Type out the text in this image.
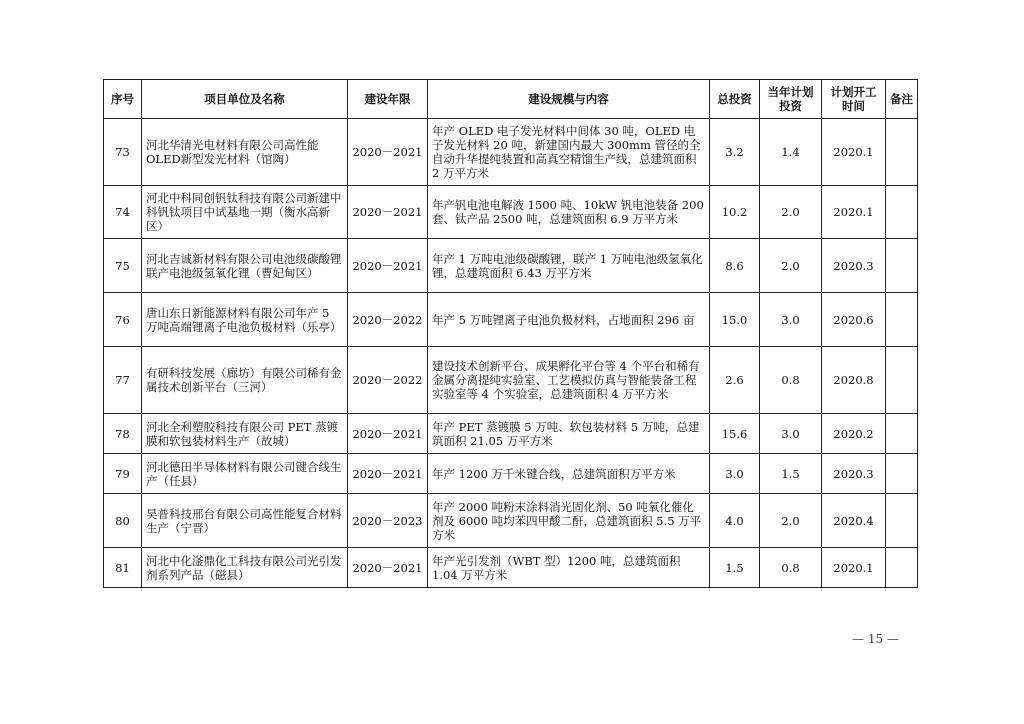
序号	项目单位及名称	建设年限	建设规模与内容	总投资	当年计划投资	计划开工时间	备注
73	河北华清光电材料有限公司高性能OLED新型发光材料（馆陶）	2020－2021	年产 OLED 电子发光材料中间体 30 吨，OLED 电子发光材料 20 吨，新建国内最大 300mm 管径的全自动升华提纯装置和高真空精馏生产线，总建筑面积 2 万平方米	3.2	1.4	2020.1	
74	河北中科同创钒钛科技有限公司新建中科钒钛项目中试基地一期（衡水高新区）	2020－2021	年产钒电池电解液 1500 吨、10kW 钒电池装备 200 套、钛产品 2500 吨，总建筑面积 6.9 万平方米	10.2	2.0	2020.1	
75	河北吉诚新材料有限公司电池级碳酸锂联产电池级氢氧化锂（曹妃甸区）	2020－2021	年产 1 万吨电池级碳酸锂，联产 1 万吨电池级氢氧化锂，总建筑面积 6.43 万平方米	8.6	2.0	2020.3	
76	唐山东日新能源材料有限公司年产 5 万吨高端锂离子电池负极材料（乐亭）	2020－2022	年产 5 万吨锂离子电池负极材料，占地面积 296 亩	15.0	3.0	2020.6	
77	有研科技发展（廊坊）有限公司稀有金属技术创新平台（三河）	2020－2022	建设技术创新平台、成果孵化平台等 4 个平台和稀有金属分离提纯实验室、工艺模拟仿真与智能装备工程实验室等 4 个实验室，总建筑面积 4 万平方米	2.6	0.8	2020.8	
78	河北全利塑胶科技有限公司 PET 蒸镀膜和软包装材料生产（故城）	2020－2021	年产 PET 蒸镀膜 5 万吨、软包装材料 5 万吨，总建筑面积 21.05 万平方米	15.6	3.0	2020.2	
79	河北德田半导体材料有限公司键合线生产（任县）	2020－2021	年产 1200 万千米键合线，总建筑面积万平方米	3.0	1.5	2020.3	
80	昊普科技邢台有限公司高性能复合材料生产（宁晋）	2020－2023	年产 2000 吨粉末涂料消光固化剂、50 吨氧化催化剂及 6000 吨均苯四甲酸二酐，总建筑面积 5.5 万平方米	4.0	2.0	2020.4	
81	河北中化滏鼎化工科技有限公司光引发剂系列产品（磁县）	2020－2021	年产光引发剂（WBT 型）1200 吨，总建筑面积 1.04 万平方米	1.5	0.8	2020.1	
— 15 —
